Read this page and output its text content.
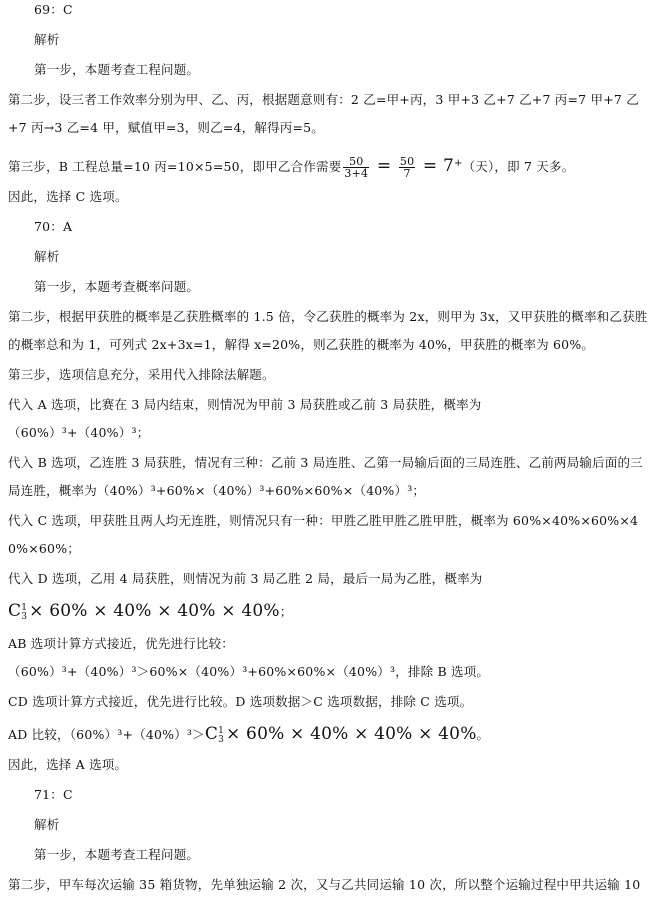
69：C
解析
第一步，本题考查工程问题。
第二步，设三者工作效率分别为甲、乙、丙，根据题意则有：2 乙=甲+丙，3 甲+3 乙+7 乙+7 丙=7 甲+7 乙+7 丙→3 乙=4 甲，赋值甲=3，则乙=4，解得丙=5。
第三步，B 工程总量=10 丙=10×5=50，即甲乙合作需要 $\frac{50}{3+4} = \frac{50}{7} = 7^+$（天），即 7 天多。
因此，选择 C 选项。
70：A
解析
第一步，本题考查概率问题。
第二步，根据甲获胜的概率是乙获胜概率的 1.5 倍，令乙获胜的概率为 2x，则甲为 3x，又甲获胜的概率和乙获胜的概率总和为 1，可列式 2x+3x=1，解得 x=20%，则乙获胜的概率为 40%，甲获胜的概率为 60%。
第三步，选项信息充分，采用代入排除法解题。
代入 A 选项，比赛在 3 局内结束，则情况为甲前 3 局获胜或乙前 3 局获胜，概率为
（60%）³+（40%）³；
代入 B 选项，乙连胜 3 局获胜，情况有三种：乙前 3 局连胜、乙第一局输后面的三局连胜、乙前两局输后面的三局连胜，概率为（40%）³+60%×（40%）³+60%×60%×（40%）³；
代入 C 选项，甲获胜且两人均无连胜，则情况只有一种：甲胜乙胜甲胜乙胜甲胜，概率为 60%×40%×60%×40%×60%；
代入 D 选项，乙用 4 局获胜，则情况为前 3 局乙胜 2 局，最后一局为乙胜，概率为
C 1
3 × 60% × 40% × 40% × 40%；
AB 选项计算方式接近，优先进行比较：
（60%）³+（40%）³＞60%×（40%）³+60%×60%×（40%）³，排除 B 选项。
CD 选项计算方式接近，优先进行比较。D 选项数据＞C 选项数据，排除 C 选项。
AD 比较，（60%）³+（40%）³＞C 1
3 × 60% × 40% × 40% × 40%。
因此，选择 A 选项。
71：C
解析
第一步，本题考查工程问题。
第二步，甲车每次运输 35 箱货物，先单独运输 2 次，又与乙共同运输 10 次，所以整个运输过程中甲共运输 10
